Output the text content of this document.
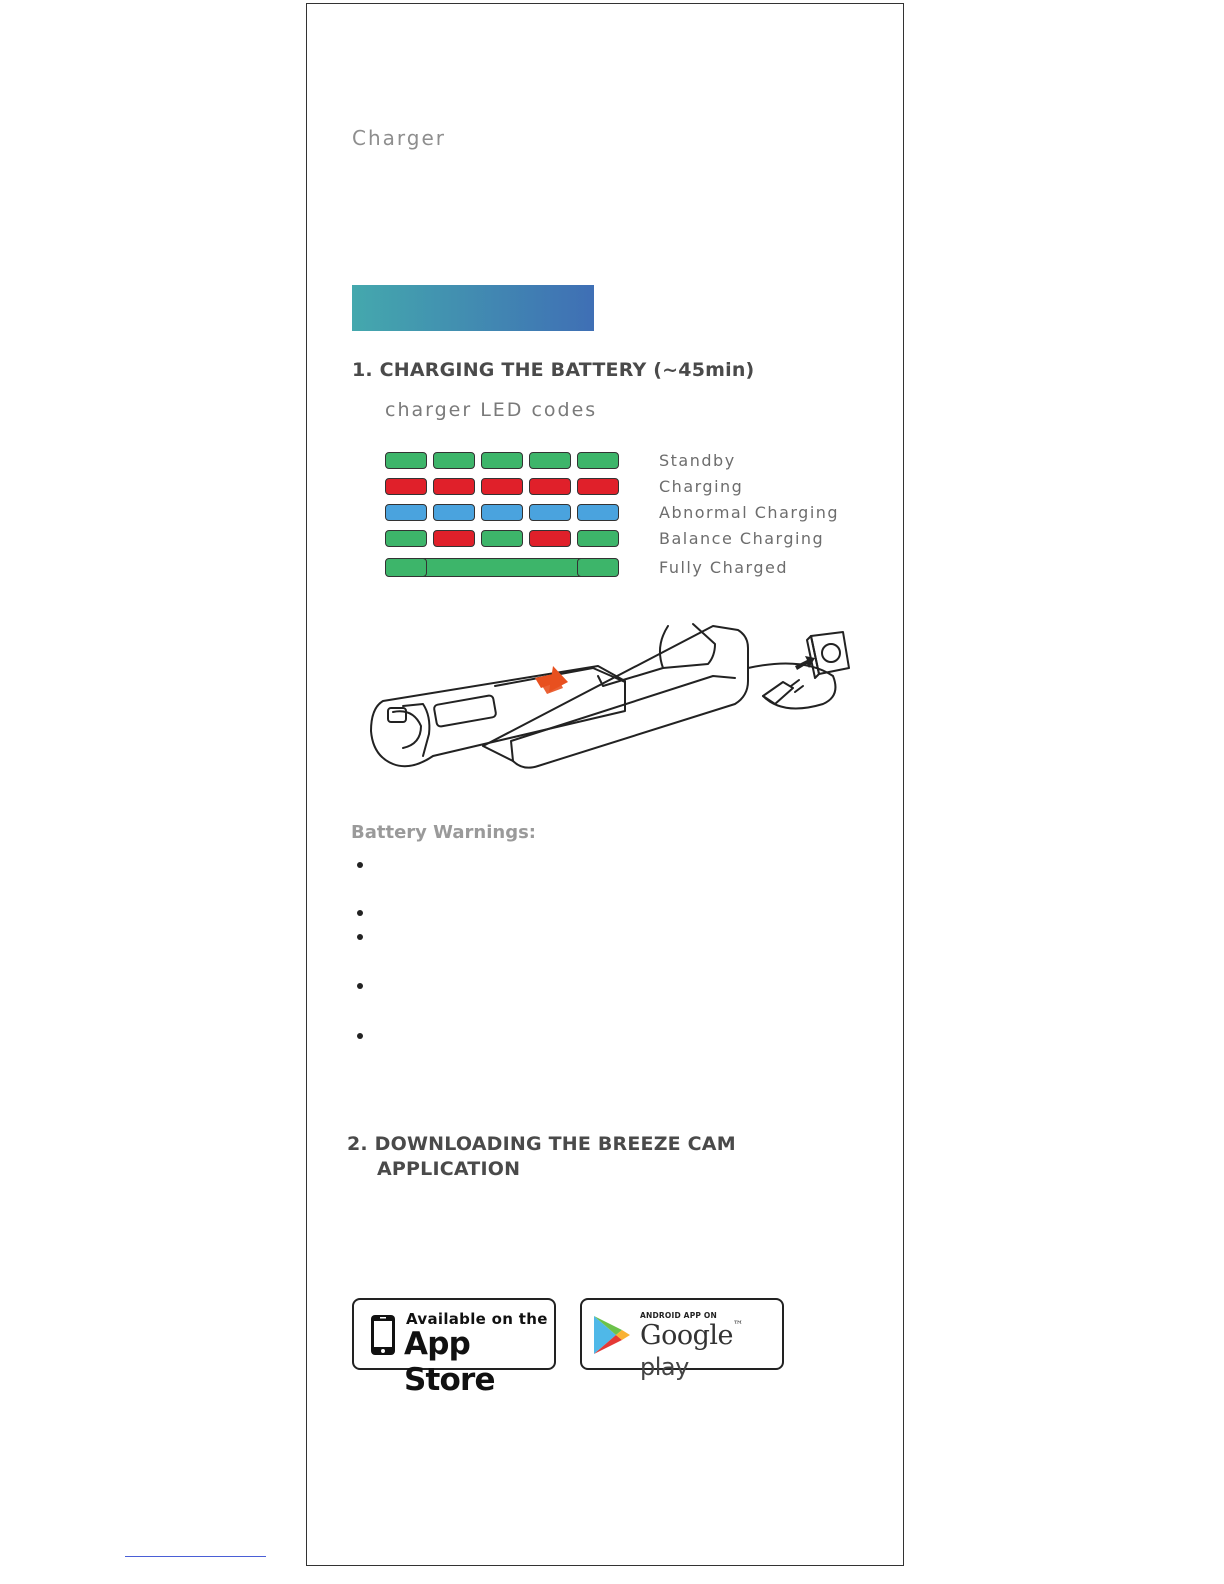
Charger
1. CHARGING THE BATTERY (~45min)
charger LED codes
Standby
Charging
Abnormal Charging
Balance Charging
Fully Charged
Battery Warnings:
2. DOWNLOADING THE BREEZE CAM
APPLICATION
Available on the
App Store
ANDROID APP ON
Google™ play
